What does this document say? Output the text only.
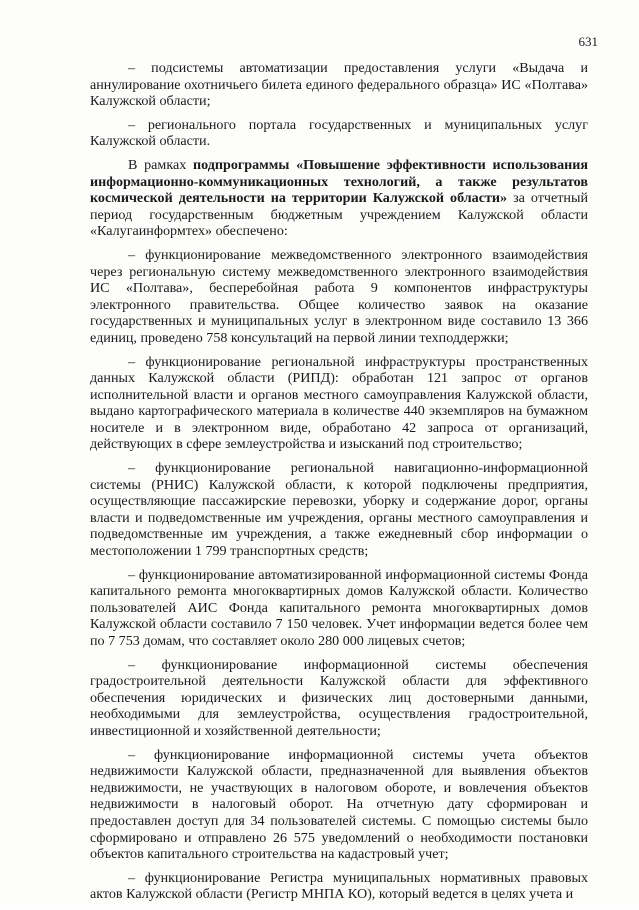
631

– подсистемы автоматизации предоставления услуги «Выдача и аннулирование охотничьего билета единого федерального образца» ИС «Полтава» Калужской области;

– регионального портала государственных и муниципальных услуг Калужской области.

В рамках подпрограммы «Повышение эффективности использования информационно-коммуникационных технологий, а также результатов космической деятельности на территории Калужской области» за отчетный период государственным бюджетным учреждением Калужской области «Калугаинформтех» обеспечено:

– функционирование межведомственного электронного взаимодействия через региональную систему межведомственного электронного взаимодействия ИС «Полтава», бесперебойная работа 9 компонентов инфраструктуры электронного правительства. Общее количество заявок на оказание государственных и муниципальных услуг в электронном виде составило 13 366 единиц, проведено 758 консультаций на первой линии техподдержки;

– функционирование региональной инфраструктуры пространственных данных Калужской области (РИПД): обработан 121 запрос от органов исполнительной власти и органов местного самоуправления Калужской области, выдано картографического материала в количестве 440 экземпляров на бумажном носителе и в электронном виде, обработано 42 запроса от организаций, действующих в сфере землеустройства и изысканий под строительство;

– функционирование региональной навигационно-информационной системы (РНИС) Калужской области, к которой подключены предприятия, осуществляющие пассажирские перевозки, уборку и содержание дорог, органы власти и подведомственные им учреждения, органы местного самоуправления и подведомственные им учреждения, а также ежедневный сбор информации о местоположении 1 799 транспортных средств;

– функционирование автоматизированной информационной системы Фонда капитального ремонта многоквартирных домов Калужской области. Количество пользователей АИС Фонда капитального ремонта многоквартирных домов Калужской области составило 7 150 человек. Учет информации ведется более чем по 7 753 домам, что составляет около 280 000 лицевых счетов;

– функционирование информационной системы обеспечения градостроительной деятельности Калужской области для эффективного обеспечения юридических и физических лиц достоверными данными, необходимыми для землеустройства, осуществления градостроительной, инвестиционной и хозяйственной деятельности;

– функционирование информационной системы учета объектов недвижимости Калужской области, предназначенной для выявления объектов недвижимости, не участвующих в налоговом обороте, и вовлечения объектов недвижимости в налоговый оборот. На отчетную дату сформирован и предоставлен доступ для 34 пользователей системы. С помощью системы было сформировано и отправлено 26 575 уведомлений о необходимости постановки объектов капитального строительства на кадастровый учет;

– функционирование Регистра муниципальных нормативных правовых актов Калужской области (Регистр МНПА КО), который ведется в целях учета и
